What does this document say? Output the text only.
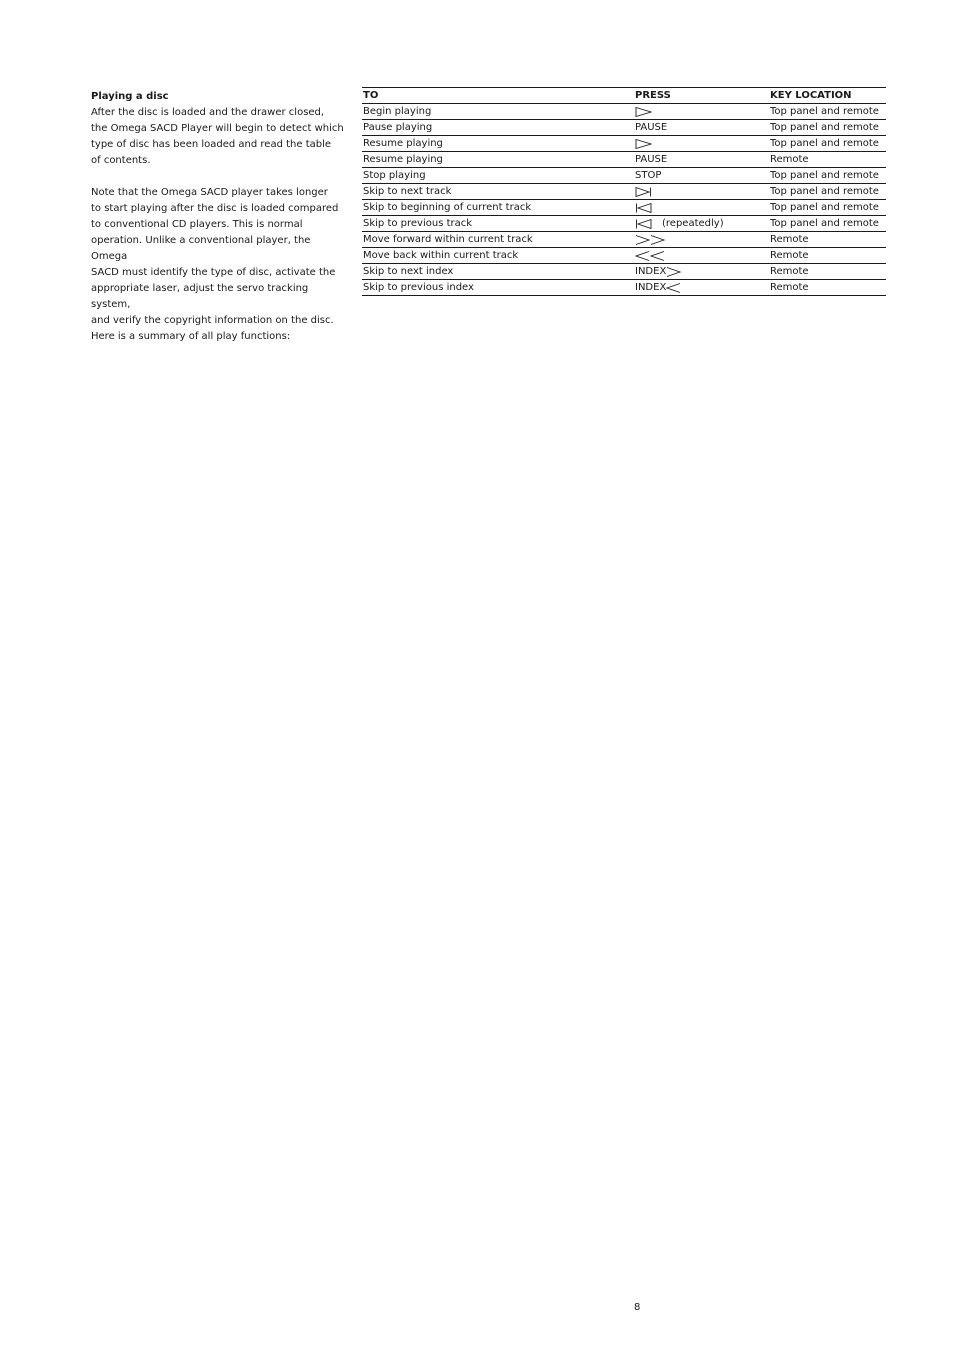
Playing a disc

After the disc is loaded and the drawer closed,
the Omega SACD Player will begin to detect which
type of disc has been loaded and read the table
of contents.

Note that the Omega SACD player takes longer
to start playing after the disc is loaded compared
to conventional CD players. This is normal
operation. Unlike a conventional player, the Omega
SACD must identify the type of disc, activate the
appropriate laser, adjust the servo tracking system,
and verify the copyright information on the disc.
Here is a summary of all play functions:

TO	PRESS	KEY LOCATION
Begin playing		Top panel and remote
Pause playing	PAUSE	Top panel and remote
Resume playing		Top panel and remote
Resume playing	PAUSE	Remote
Stop playing	STOP	Top panel and remote
Skip to next track		Top panel and remote
Skip to beginning of current track		Top panel and remote
Skip to previous track	(repeatedly)	Top panel and remote
Move forward within current track		Remote
Move back within current track		Remote
Skip to next index	INDEX	Remote
Skip to previous index	INDEX	Remote
8
